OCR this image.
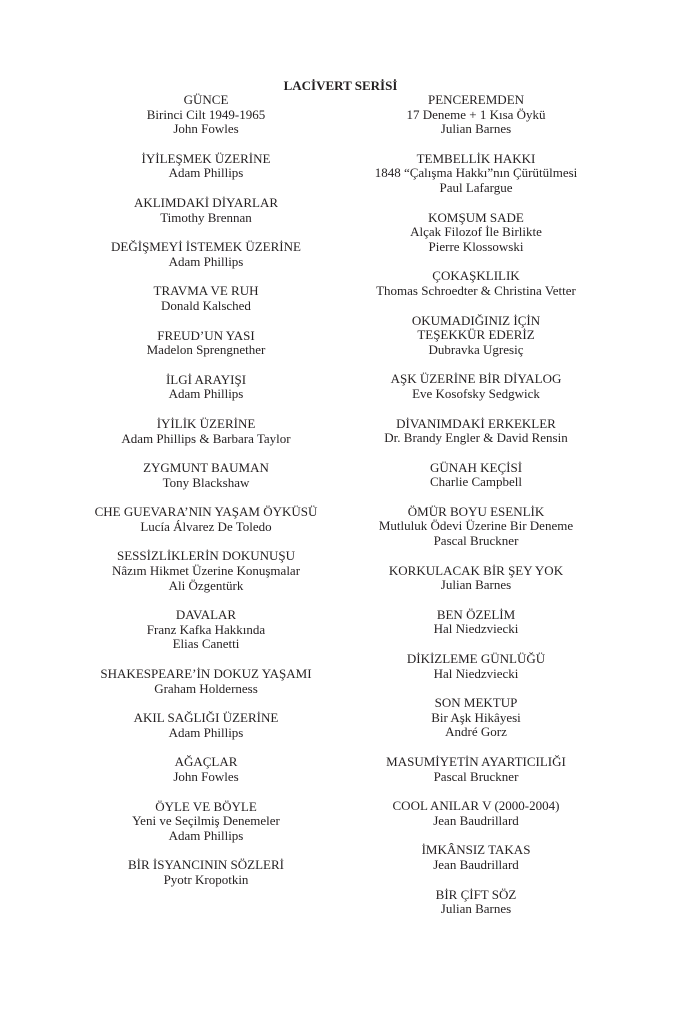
LACİVERT SERİSİ
GÜNCE
Birinci Cilt 1949-1965
John Fowles
İYİLEŞMEK ÜZERİNE
Adam Phillips
AKLIMDAKİ DİYARLAR
Timothy Brennan
DEĞİŞMEYİ İSTEMEK ÜZERİNE
Adam Phillips
TRAVMA VE RUH
Donald Kalsched
FREUD’UN YASI
Madelon Sprengnether
İLGİ ARAYIŞI
Adam Phillips
İYİLİK ÜZERİNE
Adam Phillips & Barbara Taylor
ZYGMUNT BAUMAN
Tony Blackshaw
CHE GUEVARA’NIN YAŞAM ÖYKÜSÜ
Lucía Álvarez De Toledo
SESSİZLİKLERİN DOKUNUŞU
Nâzım Hikmet Üzerine Konuşmalar
Ali Özgentürk
DAVALAR
Franz Kafka Hakkında
Elias Canetti
SHAKESPEARE’İN DOKUZ YAŞAMI
Graham Holderness
AKIL SAĞLIĞI ÜZERİNE
Adam Phillips
AĞAÇLAR
John Fowles
ÖYLE VE BÖYLE
Yeni ve Seçilmiş Denemeler
Adam Phillips
BİR İSYANCININ SÖZLERİ
Pyotr Kropotkin
PENCEREMDEN
17 Deneme + 1 Kısa Öykü
Julian Barnes
TEMBELLİK HAKKI
1848 “Çalışma Hakkı”nın Çürütülmesi
Paul Lafargue
KOMŞUM SADE
Alçak Filozof İle Birlikte
Pierre Klossowski
ÇOKAŞKLILIK
Thomas Schroedter & Christina Vetter
OKUMADIĞINIZ İÇİN
TEŞEKKÜR EDERİZ
Dubravka Ugresiç
AŞK ÜZERİNE BİR DİYALOG
Eve Kosofsky Sedgwick
DİVANIMDAKİ ERKEKLER
Dr. Brandy Engler & David Rensin
GÜNAH KEÇİSİ
Charlie Campbell
ÖMÜR BOYU ESENLİK
Mutluluk Ödevi Üzerine Bir Deneme
Pascal Bruckner
KORKULACAK BİR ŞEY YOK
Julian Barnes
BEN ÖZELİM
Hal Niedzviecki
DİKİZLEME GÜNLÜĞÜ
Hal Niedzviecki
SON MEKTUP
Bir Aşk Hikâyesi
André Gorz
MASUMİYETİN AYARTICILIĞI
Pascal Bruckner
COOL ANILAR V (2000-2004)
Jean Baudrillard
İMKÂNSIZ TAKAS
Jean Baudrillard
BİR ÇİFT SÖZ
Julian Barnes
